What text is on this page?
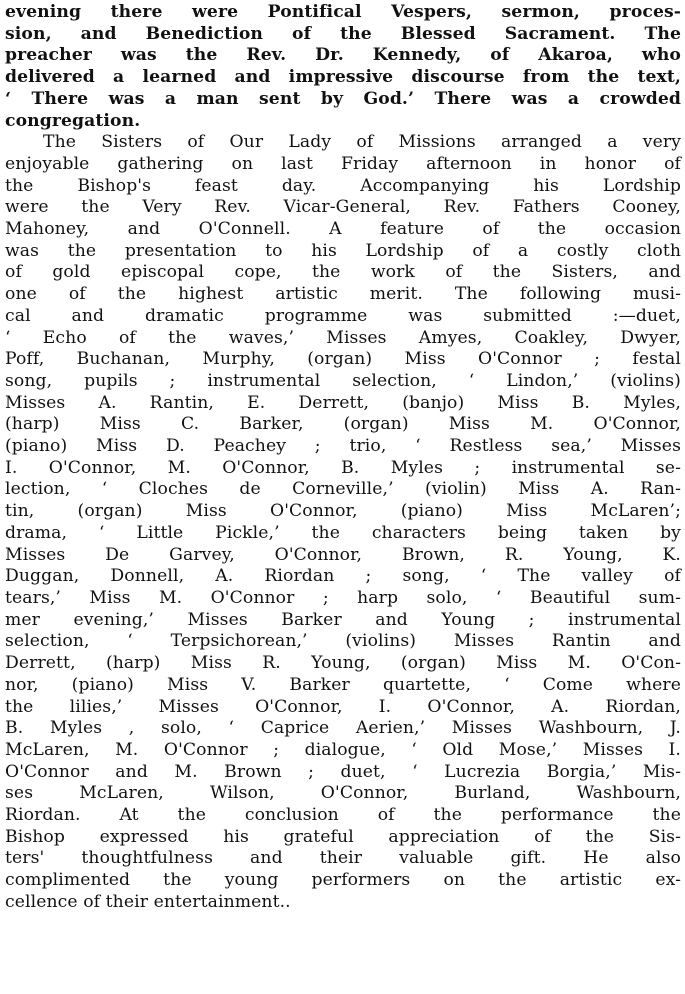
evening there were Pontifical Vespers, sermon, proces-
sion, and Benediction of the Blessed Sacrament. The
preacher was the Rev. Dr. Kennedy, of Akaroa, who
delivered a learned and impressive discourse from the text,
‘ There was a man sent by God.’ There was a crowded
congregation.
The Sisters of Our Lady of Missions arranged a very
enjoyable gathering on last Friday afternoon in honor of
the Bishop's feast day. Accompanying his Lordship
were the Very Rev. Vicar-General, Rev. Fathers Cooney,
Mahoney, and O'Connell. A feature of the occasion
was the presentation to his Lordship of a costly cloth
of gold episcopal cope, the work of the Sisters, and
one of the highest artistic merit. The following musi-
cal and dramatic programme was submitted :—duet,
‘ Echo of the waves,’ Misses Amyes, Coakley, Dwyer,
Poff, Buchanan, Murphy, (organ) Miss O'Connor ; festal
song, pupils ; instrumental selection, ‘ Lindon,’ (violins)
Misses A. Rantin, E. Derrett, (banjo) Miss B. Myles,
(harp) Miss C. Barker, (organ) Miss M. O'Connor,
(piano) Miss D. Peachey ; trio, ‘ Restless sea,’ Misses
I. O'Connor, M. O'Connor, B. Myles ; instrumental se-
lection, ‘ Cloches de Corneville,’ (violin) Miss A. Ran-
tin, (organ) Miss O'Connor, (piano) Miss McLaren’;
drama, ‘ Little Pickle,’ the characters being taken by
Misses De Garvey, O'Connor, Brown, R. Young, K.
Duggan, Donnell, A. Riordan ; song, ‘ The valley of
tears,’ Miss M. O'Connor ; harp solo, ‘ Beautiful sum-
mer evening,’ Misses Barker and Young ; instrumental
selection, ‘ Terpsichorean,’ (violins) Misses Rantin and
Derrett, (harp) Miss R. Young, (organ) Miss M. O'Con-
nor, (piano) Miss V. Barker quartette, ‘ Come where
the lilies,’ Misses O'Connor, I. O'Connor, A. Riordan,
B. Myles , solo, ‘ Caprice Aerien,’ Misses Washbourn, J.
McLaren, M. O'Connor ; dialogue, ‘ Old Mose,’ Misses I.
O'Connor and M. Brown ; duet, ‘ Lucrezia Borgia,’ Mis-
ses McLaren, Wilson, O'Connor, Burland, Washbourn,
Riordan. At the conclusion of the performance the
Bishop expressed his grateful appreciation of the Sis-
ters' thoughtfulness and their valuable gift. He also
complimented the young performers on the artistic ex-
cellence of their entertainment..
